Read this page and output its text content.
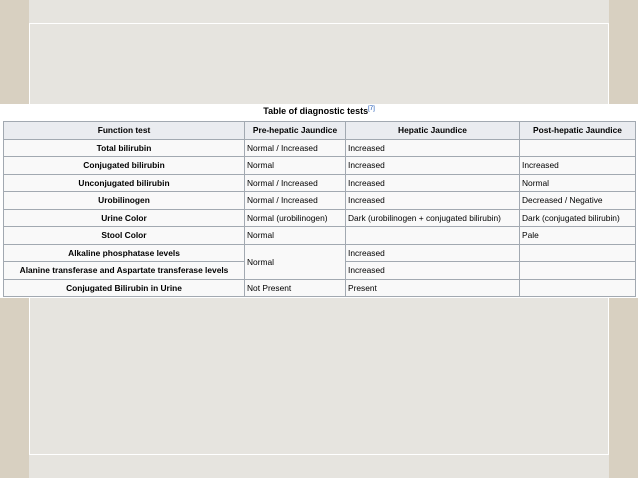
Table of diagnostic tests[7]
Function test	Pre-hepatic Jaundice	Hepatic Jaundice	Post-hepatic Jaundice
Total bilirubin	Normal / Increased	Increased	
Conjugated bilirubin	Normal	Increased	Increased
Unconjugated bilirubin	Normal / Increased	Increased	Normal
Urobilinogen	Normal / Increased	Increased	Decreased / Negative
Urine Color	Normal (urobilinogen)	Dark (urobilinogen + conjugated bilirubin)	Dark (conjugated bilirubin)
Stool Color	Normal		Pale
Alkaline phosphatase levels	Normal	Increased	
Alanine transferase and Aspartate transferase levels		Increased	
Conjugated Bilirubin in Urine	Not Present	Present	
